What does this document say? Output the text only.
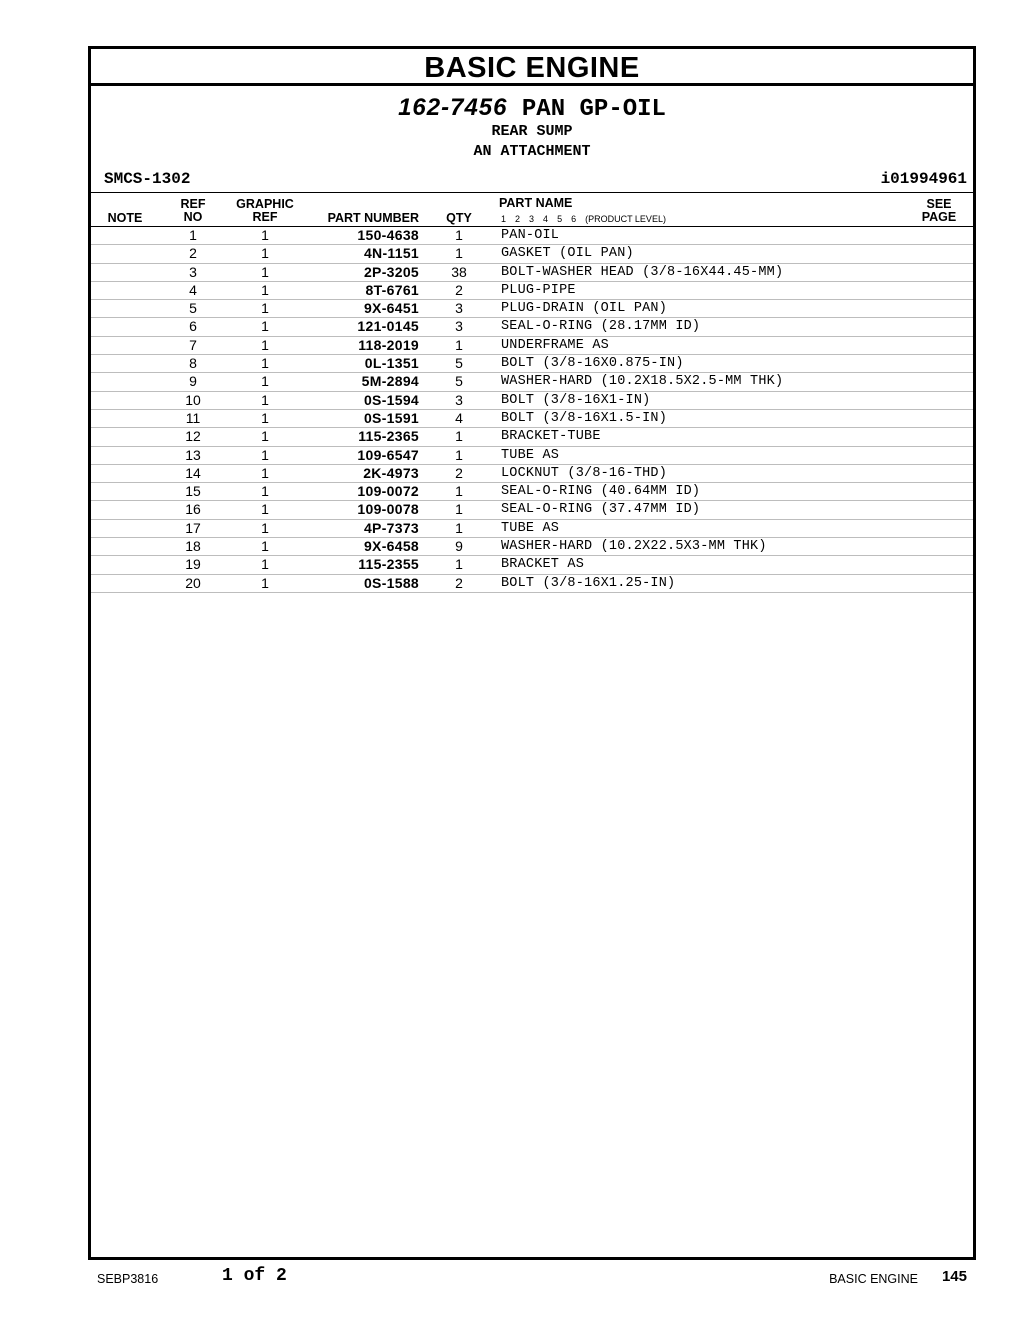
BASIC ENGINE
162-7456 PAN GP-OIL
REAR SUMP
AN ATTACHMENT
SMCS-1302	i01994961
NOTE
REF
NO
GRAPHIC
REF	PART NUMBER	QTY
PART NAME
1 2 3 4 5 6 (PRODUCT LEVEL)
SEE
PAGE
1	1	150-4638	1	PAN-OIL
2	1	4N-1151	1	GASKET (OIL PAN)
3	1	2P-3205	38	BOLT-WASHER HEAD (3/8-16X44.45-MM)
4	1	8T-6761	2	PLUG-PIPE
5	1	9X-6451	3	PLUG-DRAIN (OIL PAN)
6	1	121-0145	3	SEAL-O-RING (28.17MM ID)
7	1	118-2019	1	UNDERFRAME AS
8	1	0L-1351	5	BOLT (3/8-16X0.875-IN)
9	1	5M-2894	5	WASHER-HARD (10.2X18.5X2.5-MM THK)
10	1	0S-1594	3	BOLT (3/8-16X1-IN)
11	1	0S-1591	4	BOLT (3/8-16X1.5-IN)
12	1	115-2365	1	BRACKET-TUBE
13	1	109-6547	1	TUBE AS
14	1	2K-4973	2	LOCKNUT (3/8-16-THD)
15	1	109-0072	1	SEAL-O-RING (40.64MM ID)
16	1	109-0078	1	SEAL-O-RING (37.47MM ID)
17	1	4P-7373	1	TUBE AS
18	1	9X-6458	9	WASHER-HARD (10.2X22.5X3-MM THK)
19	1	115-2355	1	BRACKET AS
20	1	0S-1588	2	BOLT (3/8-16X1.25-IN)
SEBP3816	1 of 2	BASIC ENGINE 145
